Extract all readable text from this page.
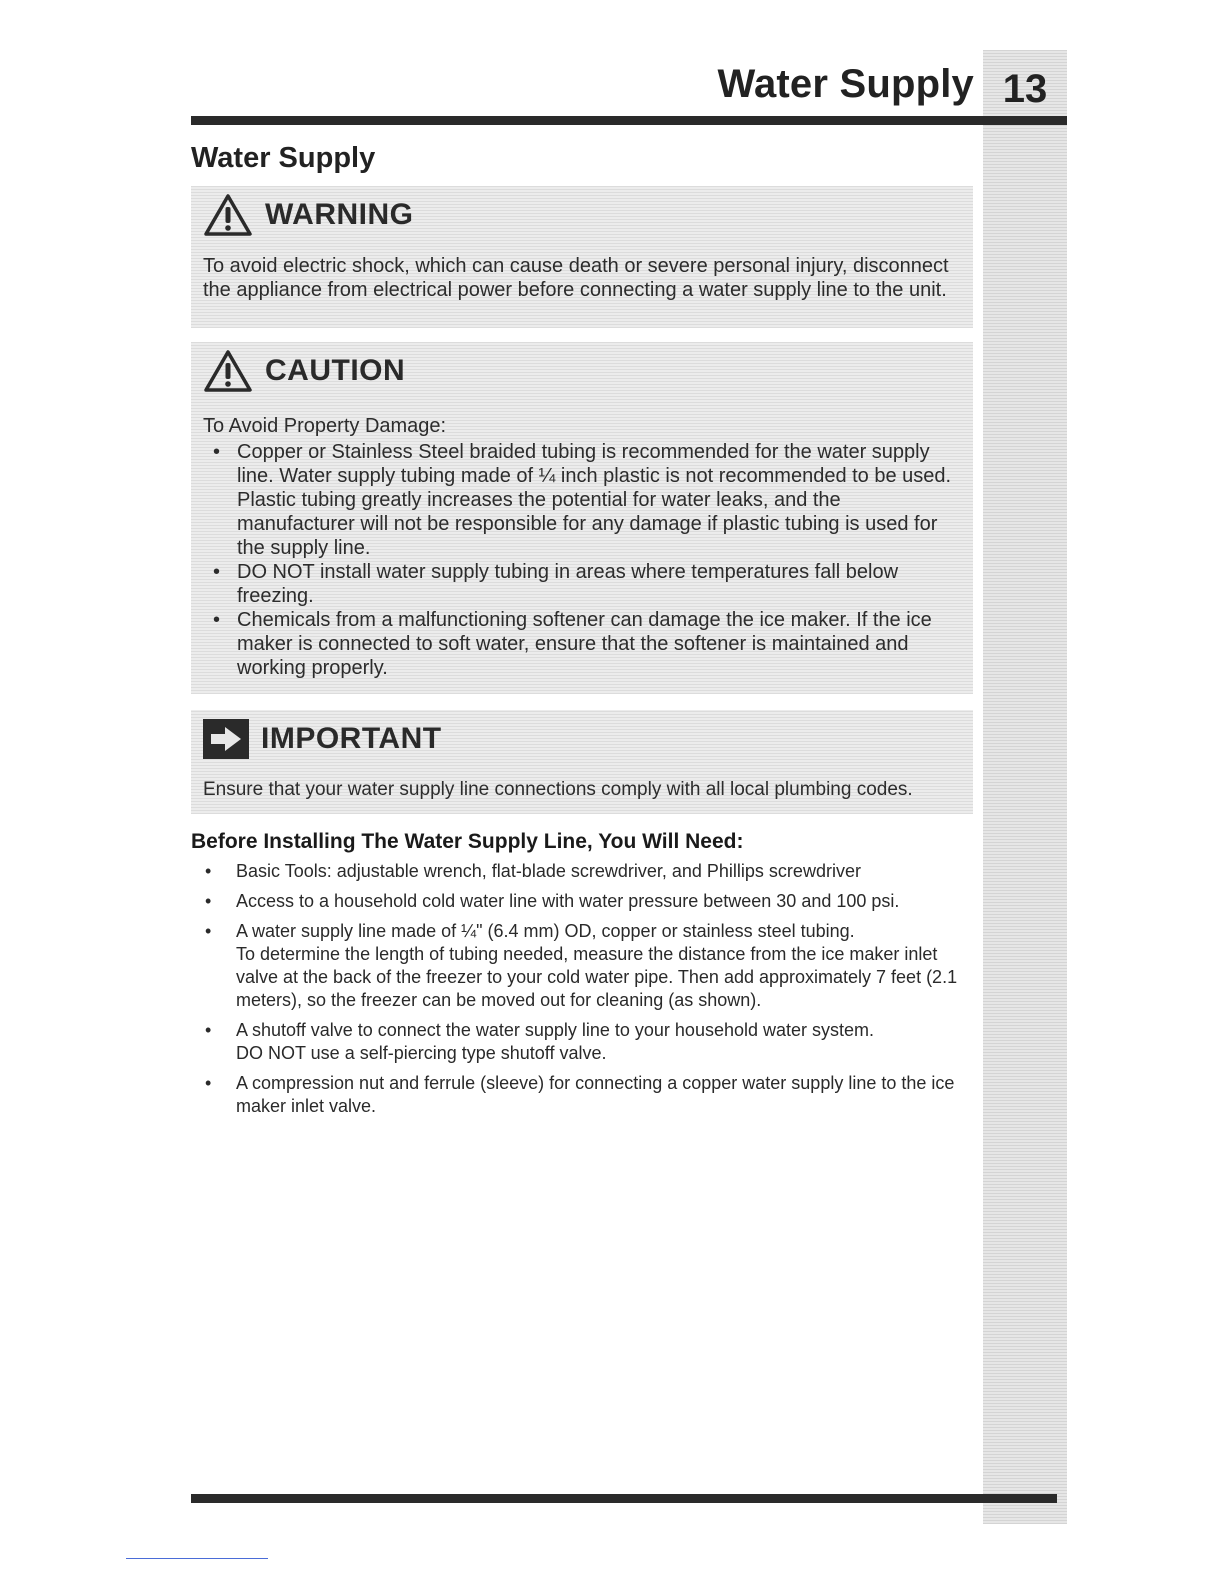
13
Water Supply
Water Supply
WARNING

To avoid electric shock, which can cause death or severe personal injury, disconnect the appliance from electrical power before connecting a water supply line to the unit.

CAUTION

To Avoid Property Damage:

• Copper or Stainless Steel braided tubing is recommended for the water supply line. Water supply tubing made of ¼ inch plastic is not recommended to be used. Plastic tubing greatly increases the potential for water leaks, and the manufacturer will not be responsible for any damage if plastic tubing is used for the supply line.
• DO NOT install water supply tubing in areas where temperatures fall below freezing.
• Chemicals from a malfunctioning softener can damage the ice maker. If the ice maker is connected to soft water, ensure that the softener is maintained and working properly.
IMPORTANT

Ensure that your water supply line connections comply with all local plumbing codes.

Before Installing The Water Supply Line, You Will Need:
• Basic Tools: adjustable wrench, flat-blade screwdriver, and Phillips screwdriver
• Access to a household cold water line with water pressure between 30 and 100 psi.
• A water supply line made of ¼" (6.4 mm) OD, copper or stainless steel tubing.
To determine the length of tubing needed, measure the distance from the ice maker inlet valve at the back of the freezer to your cold water pipe. Then add approximately 7 feet (2.1 meters), so the freezer can be moved out for cleaning (as shown).
• A shutoff valve to connect the water supply line to your household water system.
DO NOT use a self-piercing type shutoff valve.
• A compression nut and ferrule (sleeve) for connecting a copper water supply line to the ice maker inlet valve.
